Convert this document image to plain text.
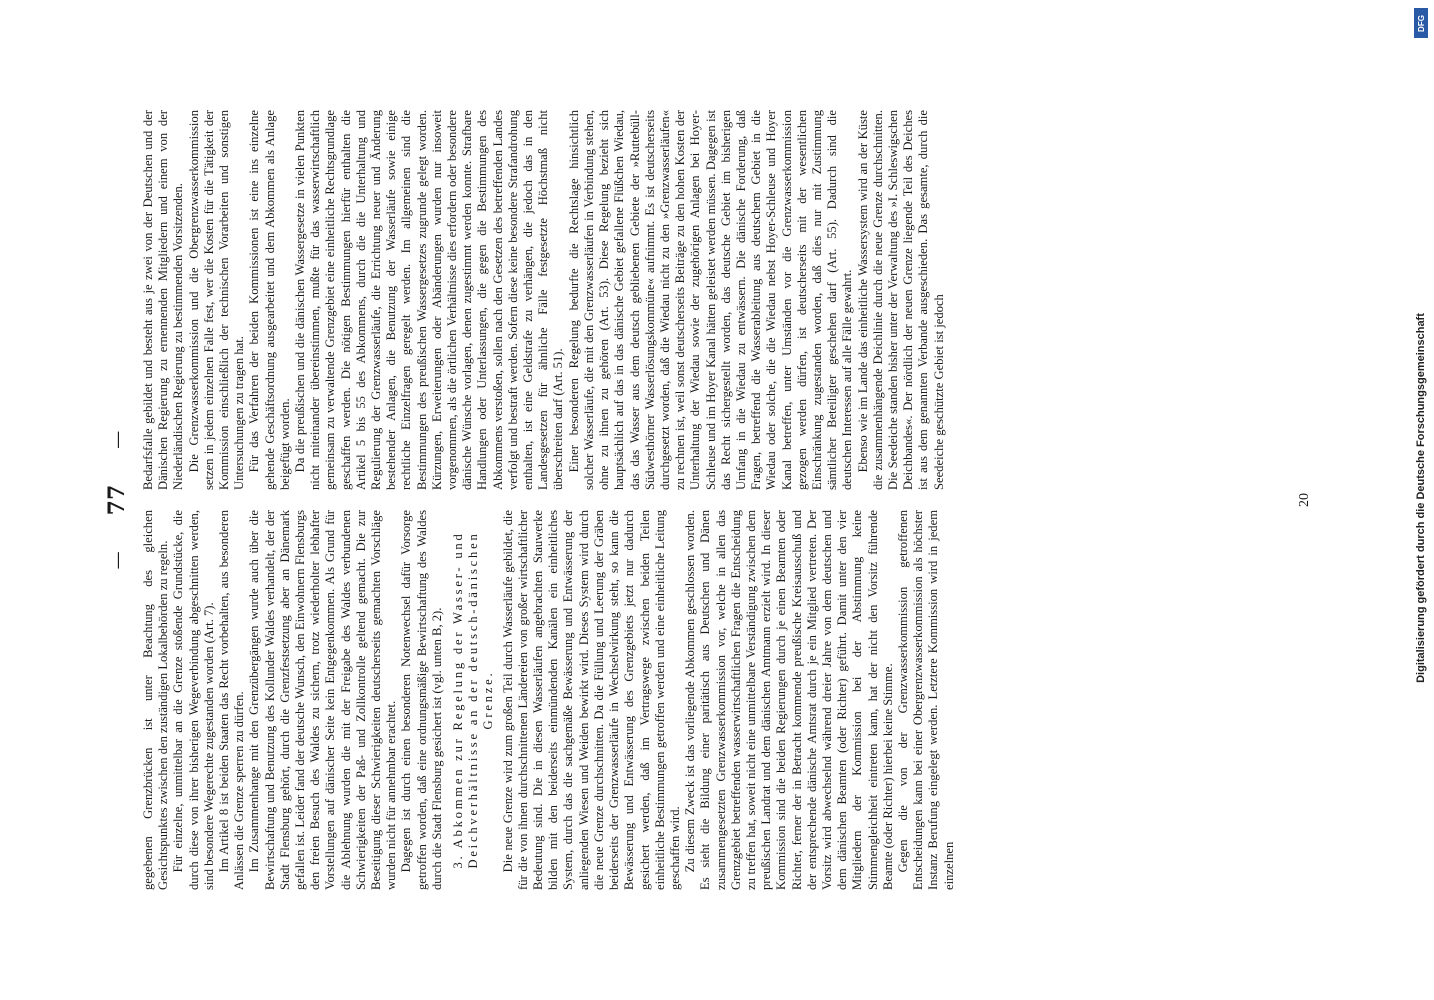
—
77
—

gegebenen Grenzbrücken ist unter Beachtung des gleichen Gesichtspunktes zwischen den zuständigen Lokalbehörden zu regeln. Für einzelne, unmittelbar an die Grenze stoßende Grundstücke, die durch diese von ihrer bisherigen Wegeverbindung abgeschnitten werden, sind besondere Wegerechte zugestanden worden (Art. 7). Im Artikel 8 ist beiden Staaten das Recht vorbehalten, aus besonderen Anlässen die Grenze sperren zu dürfen. Im Zusammenhange mit den Grenzübergängen wurde auch über die Bewirtschaftung und Benutzung des Kollunder Waldes verhandelt, der der Stadt Flensburg gehört, durch die Grenzfestsetzung aber an Dänemark gefallen ist. Leider fand der deutsche Wunsch, den Einwohnern Flensburgs den freien Besuch des Waldes zu sichern, trotz wiederholter lebhafter Vorstellungen auf dänischer Seite kein Entgegenkommen. Als Grund für die Ablehnung wurden die mit der Freigabe des Waldes verbundenen Schwierigkeiten der Paß- und Zollkontrolle geltend gemacht. Die zur Beseitigung dieser Schwierigkeiten deutscherseits gemachten Vorschläge wurden nicht für annehmbar erachtet. Dagegen ist durch einen besonderen Notenwechsel dafür Vorsorge getroffen worden, daß eine ordnungsmäßige Bewirtschaftung des Waldes durch die Stadt Flensburg gesichert ist (vgl. unten B, 2). 3. Abkommen zur Regelung der Wasser- und Deichverhältnisse an der deutsch-dänischen Grenze. Die neue Grenze wird zum großen Teil durch Wasserläufe gebildet, die für die von ihnen durchschnittenen Ländereien von großer wirtschaftlicher Bedeutung sind. Die in diesen Wasserläufen angebrachten Stauwerke bilden mit den beiderseits einmündenden Kanälen ein einheitliches System, durch das die sachgemäße Bewässerung und Entwässerung der anliegenden Wiesen und Weiden bewirkt wird. Dieses System wird durch die neue Grenze durchschnitten. Da die Füllung und Leerung der Gräben beiderseits der Grenzwasserläufe in Wechselwirkung steht, so kann die Bewässerung und Entwässerung des Grenzgebiets jetzt nur dadurch gesichert werden, daß im Vertragswege zwischen beiden Teilen einheitliche Bestimmungen getroffen werden und eine einheitliche Leitung geschaffen wird. Zu diesem Zweck ist das vorliegende Abkommen geschlossen worden. Es sieht die Bildung einer paritätisch aus Deutschen und Dänen zusammengesetzten Grenzwasserkommission vor, welche in allen das Grenzgebiet betreffenden wasserwirtschaftlichen Fragen die Entscheidung zu treffen hat, soweit nicht eine unmittelbare Verständigung zwischen dem preußischen Landrat und dem dänischen Amtmann erzielt wird. In dieser Kommission sind die beiden Regierungen durch je einen Beamten oder Richter, ferner der in Betracht kommende preußische Kreisausschuß und der entsprechende dänische Amtsrat durch je ein Mitglied vertreten. Der Vorsitz wird abwechselnd während dreier Jahre von dem deutschen und dem dänischen Beamten (oder Richter) geführt. Damit unter den vier Mitgliedern der Kommission bei der Abstimmung keine Stimmengleichheit eintreten kann, hat der nicht den Vorsitz führende Beamte (oder Richter) hierbei keine Stimme. Gegen die von der Grenzwasserkommission getroffenen Entscheidungen kann bei einer Obergrenzwasserkommission als höchster Instanz Berufung eingelegt werden. Letztere Kommission wird in jedem einzelnen

Bedarfsfalle gebildet und besteht aus je zwei von der Deutschen und der Dänischen Regierung zu ernennenden Mitgliedern und einem von der Niederländischen Regierung zu bestimmenden Vorsitzenden. Die Grenzwasserkommission und die Obergrenzwasserkommission setzen in jedem einzelnen Falle fest, wer die Kosten für die Tätigkeit der Kommission einschließlich der technischen Vorarbeiten und sonstigen Untersuchungen zu tragen hat. Für das Verfahren der beiden Kommissionen ist eine ins einzelne gehende Geschäftsordnung ausgearbeitet und dem Abkommen als Anlage beigefügt worden. Da die preußischen und die dänischen Wassergesetze in vielen Punkten nicht miteinander übereinstimmen, mußte für das wasserwirtschaftlich gemeinsam zu verwaltende Grenzgebiet eine einheitliche Rechtsgrundlage geschaffen werden. Die nötigen Bestimmungen hierfür enthalten die Artikel 5 bis 55 des Abkommens, durch die die Unterhaltung und Regulierung der Grenzwasserläufe, die Errichtung neuer und Änderung bestehender Anlagen, die Benutzung der Wasserläufe sowie einige rechtliche Einzelfragen geregelt werden. Im allgemeinen sind die Bestimmungen des preußischen Wassergesetzes zugrunde gelegt worden. Kürzungen, Erweiterungen oder Abänderungen wurden nur insoweit vorgenommen, als die örtlichen Verhältnisse dies erfordern oder besondere dänische Wünsche vorlagen, denen zugestimmt werden konnte. Strafbare Handlungen oder Unterlassungen, die gegen die Bestimmungen des Abkommens verstoßen, sollen nach den Gesetzen des betreffenden Landes verfolgt und bestraft werden. Sofern diese keine besondere Strafandrohung enthalten, ist eine Geldstrafe zu verhängen, die jedoch das in den Landesgesetzen für ähnliche Fälle festgesetzte Höchstmaß nicht überschreiten darf (Art. 51). Einer besonderen Regelung bedurfte die Rechtslage hinsichtlich solcher Wasserläufe, die mit den Grenzwasserläufen in Verbindung stehen, ohne zu ihnen zu gehören (Art. 53). Diese Regelung bezieht sich hauptsächlich auf das in das dänische Gebiet gefallene Flüßchen Wiedau, das das Wasser aus dem deutsch gebliebenen Gebiete der »Ruttebüll-Südwesthörner Wasserlösungskommüne« aufnimmt. Es ist deutscherseits durchgesetzt worden, daß die Wiedau nicht zu den »Grenzwasserläufen« zu rechnen ist, weil sonst deutscherseits Beiträge zu den hohen Kosten der Unterhaltung der Wiedau sowie der zugehörigen Anlagen bei Hoyer-Schleuse und im Hoyer Kanal hätten geleistet werden müssen. Dagegen ist das Recht sichergestellt worden, das deutsche Gebiet im bisherigen Umfang in die Wiedau zu entwässern. Die dänische Forderung, daß Fragen, betreffend die Wasserableitung aus deutschem Gebiet in die Wiedau oder solche, die die Wiedau nebst Hoyer-Schleuse und Hoyer Kanal betreffen, unter Umständen vor die Grenzwasserkommission gezogen werden dürfen, ist deutscherseits mit der wesentlichen Einschränkung zugestanden worden, daß dies nur mit Zustimmung sämtlicher Beteiligter geschehen darf (Art. 55). Dadurch sind die deutschen Interessen auf alle Fälle gewahrt. Ebenso wie im Lande das einheitliche Wassersystem wird an der Küste die zusammenhängende Deichlinie durch die neue Grenze durchschnitten. Die Seedeiche standen bisher unter der Verwaltung des »I. Schleswigschen Deichbandes«. Der nördlich der neuen Grenze liegende Teil des Deiches ist aus dem genannten Verbande ausgeschieden. Das gesamte, durch die Seedeiche geschützte Gebiet ist jedoch

20
DFG
Digitalisierung gefördert durch die Deutsche Forschungsgemeinschaft
